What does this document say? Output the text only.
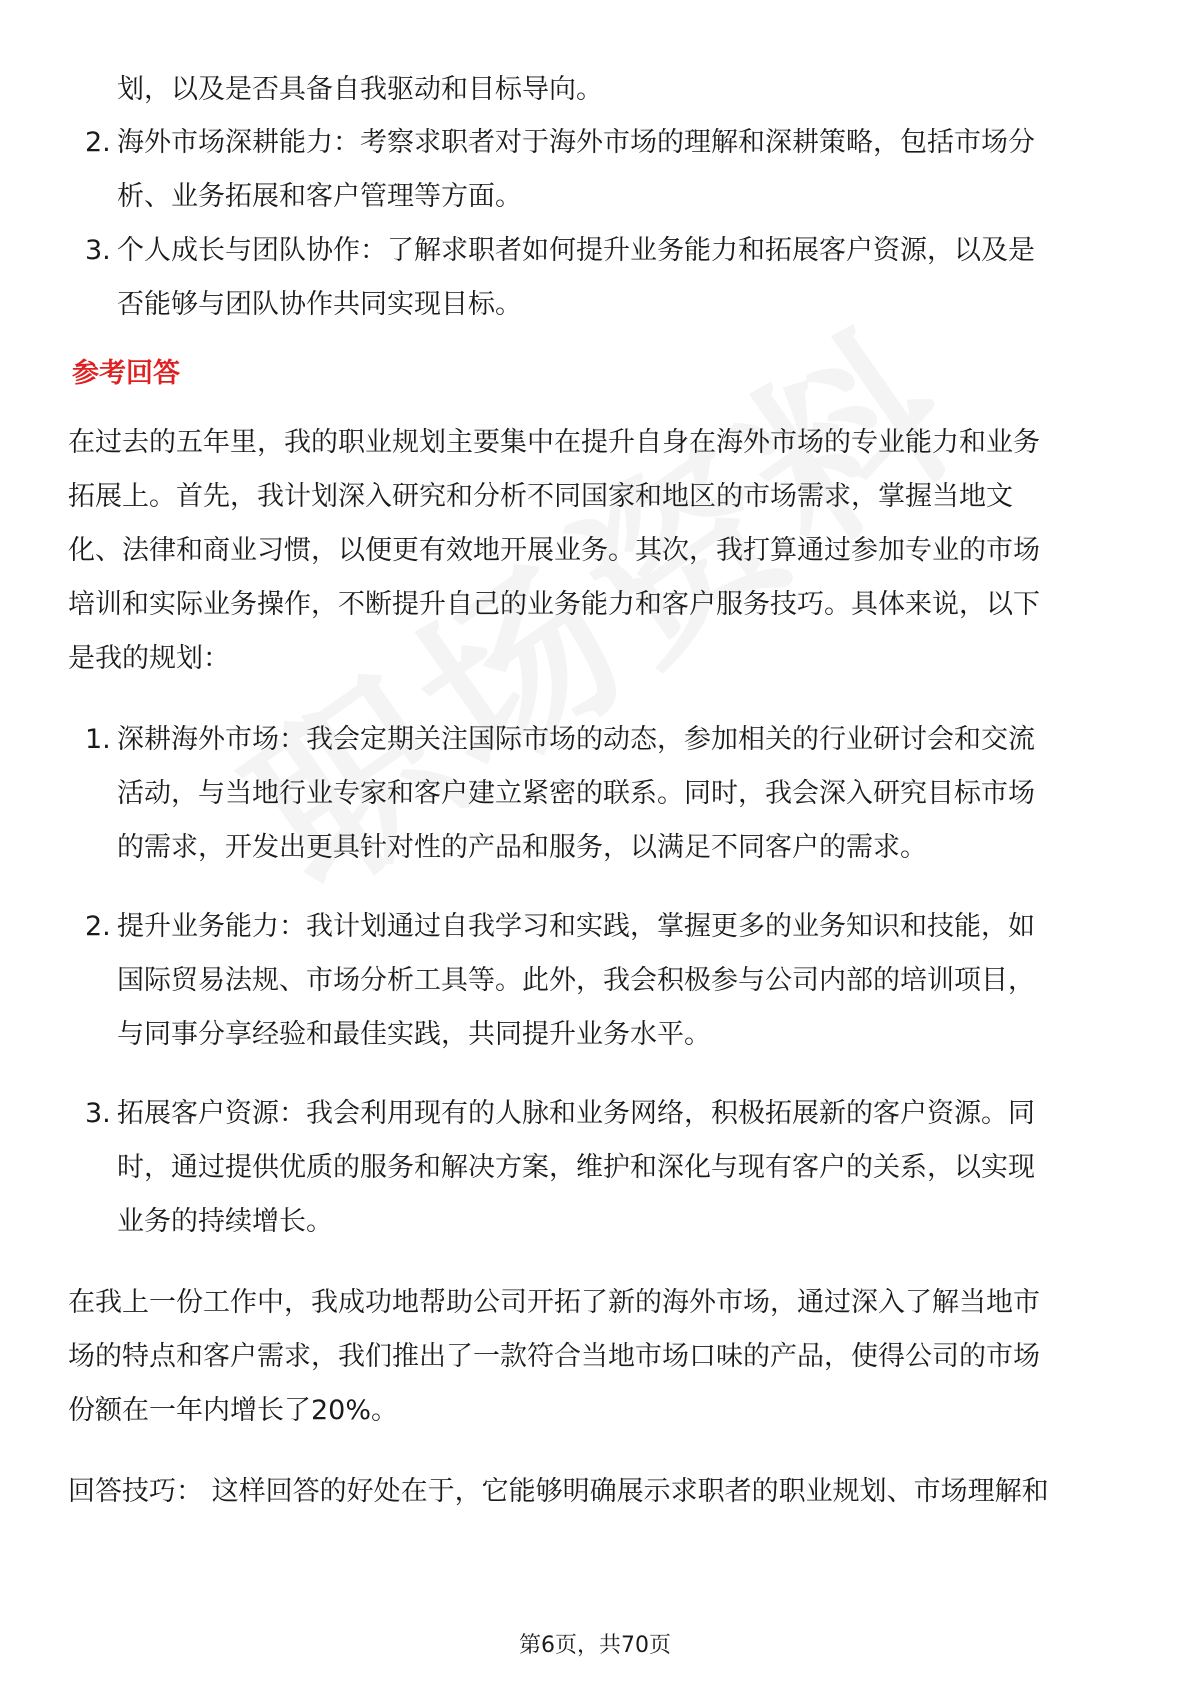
划，以及是否具备自我驱动和目标导向。
2. 海外市场深耕能力：考察求职者对于海外市场的理解和深耕策略，包括市场分
析、业务拓展和客户管理等方面。
3. 个人成长与团队协作：了解求职者如何提升业务能力和拓展客户资源，以及是
否能够与团队协作共同实现目标。
参考回答
在过去的五年里，我的职业规划主要集中在提升自身在海外市场的专业能力和业务
拓展上。首先，我计划深入研究和分析不同国家和地区的市场需求，掌握当地文
化、法律和商业习惯，以便更有效地开展业务。其次，我打算通过参加专业的市场
培训和实际业务操作，不断提升自己的业务能力和客户服务技巧。具体来说，以下
是我的规划：
1. 深耕海外市场：我会定期关注国际市场的动态，参加相关的行业研讨会和交流
活动，与当地行业专家和客户建立紧密的联系。同时，我会深入研究目标市场
的需求，开发出更具针对性的产品和服务，以满足不同客户的需求。
2. 提升业务能力：我计划通过自我学习和实践，掌握更多的业务知识和技能，如
国际贸易法规、市场分析工具等。此外，我会积极参与公司内部的培训项目，
与同事分享经验和最佳实践，共同提升业务水平。
3. 拓展客户资源：我会利用现有的人脉和业务网络，积极拓展新的客户资源。同
时，通过提供优质的服务和解决方案，维护和深化与现有客户的关系，以实现
业务的持续增长。
在我上一份工作中，我成功地帮助公司开拓了新的海外市场，通过深入了解当地市
场的特点和客户需求，我们推出了一款符合当地市场口味的产品，使得公司的市场
份额在一年内增长了20%。
回答技巧： 这样回答的好处在于，它能够明确展示求职者的职业规划、市场理解和
第6页，共70页
